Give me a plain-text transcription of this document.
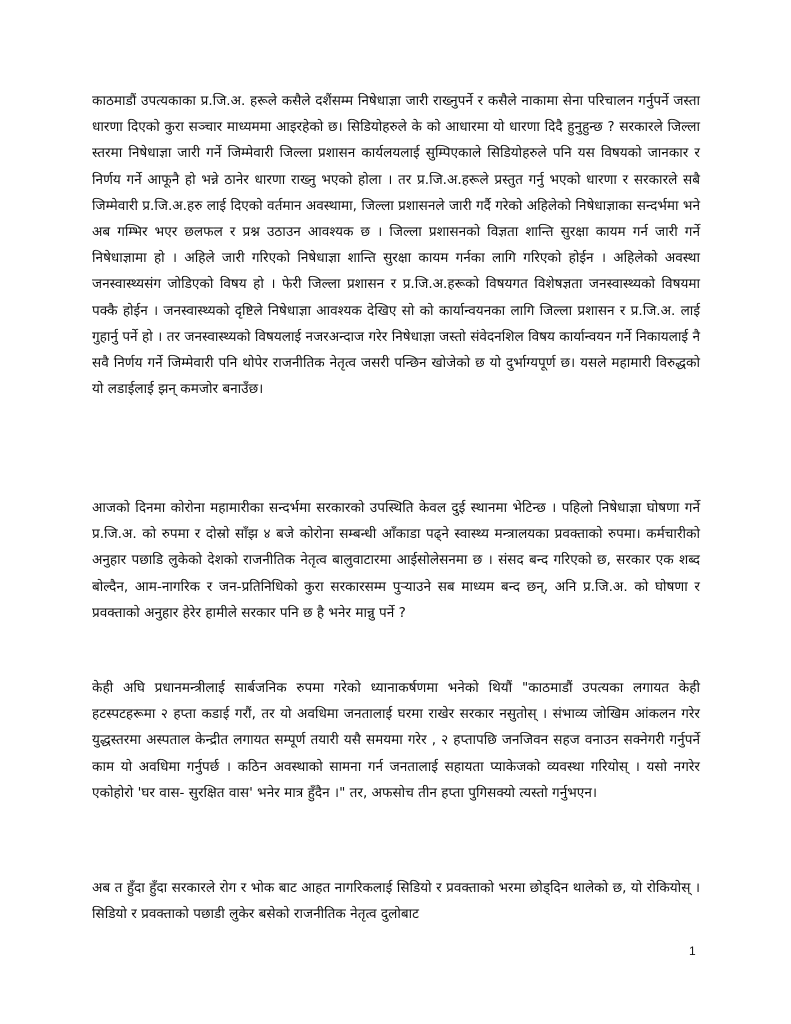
काठमाडौं उपत्यकाका प्र.जि.अ. हरूले कसैले दशैंसम्म निषेधाज्ञा जारी राख्नुपर्ने र कसैले नाकामा सेना परिचालन गर्नुपर्ने जस्ता धारणा दिएको कुरा सञ्चार माध्यममा आइरहेको छ। सिडियोहरुले के को आधारमा यो धारणा दिदै हुनुहुन्छ ? सरकारले जिल्ला स्तरमा निषेधाज्ञा जारी गर्ने जिम्मेवारी जिल्ला प्रशासन कार्यलयलाई सुम्पिएकाले सिडियोहरुले पनि यस विषयको जानकार र निर्णय गर्ने आफूनै हो भन्ने ठानेर धारणा राख्नु भएको होला । तर प्र.जि.अ.हरूले प्रस्तुत गर्नु भएको धारणा र सरकारले सबै जिम्मेवारी प्र.जि.अ.हरु लाई दिएको वर्तमान अवस्थामा, जिल्ला प्रशासनले जारी गर्दै गरेको अहिलेको निषेधाज्ञाका सन्दर्भमा भने अब गम्भिर भएर छलफल र प्रश्न उठाउन आवश्यक छ । जिल्ला प्रशासनको विज्ञता शान्ति सुरक्षा कायम गर्न जारी गर्ने निषेधाज्ञामा हो । अहिले जारी गरिएको निषेधाज्ञा शान्ति सुरक्षा कायम गर्नका लागि गरिएको होईन । अहिलेको अवस्था जनस्वास्थ्यसंग जोडिएको विषय हो । फेरी जिल्ला प्रशासन र प्र.जि.अ.हरूको विषयगत विशेषज्ञता जनस्वास्थ्यको विषयमा पक्कै होईन । जनस्वास्थ्यको दृष्टिले निषेधाज्ञा आवश्यक देखिए सो को कार्यान्वयनका लागि जिल्ला प्रशासन र प्र.जि.अ. लाई गुहार्नु पर्ने हो । तर जनस्वास्थ्यको विषयलाई नजरअन्दाज गरेर निषेधाज्ञा जस्तो संवेदनशिल विषय कार्यान्वयन गर्ने निकायलाई नै सवै निर्णय गर्ने जिम्मेवारी पनि थोपेर राजनीतिक नेतृत्व जसरी पन्छिन खोजेको छ यो दुर्भाग्यपूर्ण छ। यसले महामारी विरुद्धको यो लडाईलाई झन् कमजोर बनाउँछ।

आजको दिनमा कोरोना महामारीका सन्दर्भमा सरकारको उपस्थिति केवल दुई स्थानमा भेटिन्छ । पहिलो निषेधाज्ञा घोषणा गर्ने प्र.जि.अ. को रुपमा र दोस्रो साँझ ४ बजे कोरोना सम्बन्धी आँकाडा पढ्ने स्वास्थ्य मन्त्रालयका प्रवक्ताको रुपमा। कर्मचारीको अनुहार पछाडि लुकेको देशको राजनीतिक नेतृत्व बालुवाटारमा आईसोलेसनमा छ । संसद बन्द गरिएको छ, सरकार एक शब्द बोल्दैन, आम-नागरिक र जन-प्रतिनिधिको कुरा सरकारसम्म पुऱ्याउने सब माध्यम बन्द छन्, अनि प्र.जि.अ. को घोषणा र प्रवक्ताको अनुहार हेरेर हामीले सरकार पनि छ है भनेर मान्नु पर्ने ?

केही अघि प्रधानमन्त्रीलाई सार्बजनिक रुपमा गरेको ध्यानाकर्षणमा भनेको थियौं "काठमाडौं उपत्यका लगायत केही हटस्पटहरूमा २ हप्ता कडाई गरौं, तर यो अवधिमा जनतालाई घरमा राखेर सरकार नसुतोस् । संभाव्य जोखिम आंकलन गरेर युद्धस्तरमा अस्पताल केन्द्रीत लगायत सम्पूर्ण तयारी यसै समयमा गरेर , २ हप्तापछि जनजिवन सहज वनाउन सक्नेगरी गर्नुपर्ने काम यो अवधिमा गर्नुपर्छ । कठिन अवस्थाको सामना गर्न जनतालाई सहायता प्याकेजको व्यवस्था गरियोस् । यसो नगरेर एकोहोरो 'घर वास- सुरक्षित वास' भनेर मात्र हुँदैन ।" तर, अफसोच तीन हप्ता पुगिसक्यो त्यस्तो गर्नुभएन।

अब त हुँदा हुँदा सरकारले रोग र भोक बाट आहत नागरिकलाई सिडियो र प्रवक्ताको भरमा छोड्दिन थालेको छ, यो रोकियोस् । सिडियो र प्रवक्ताको पछाडी लुकेर बसेको राजनीतिक नेतृत्व दुलोबाट

1
